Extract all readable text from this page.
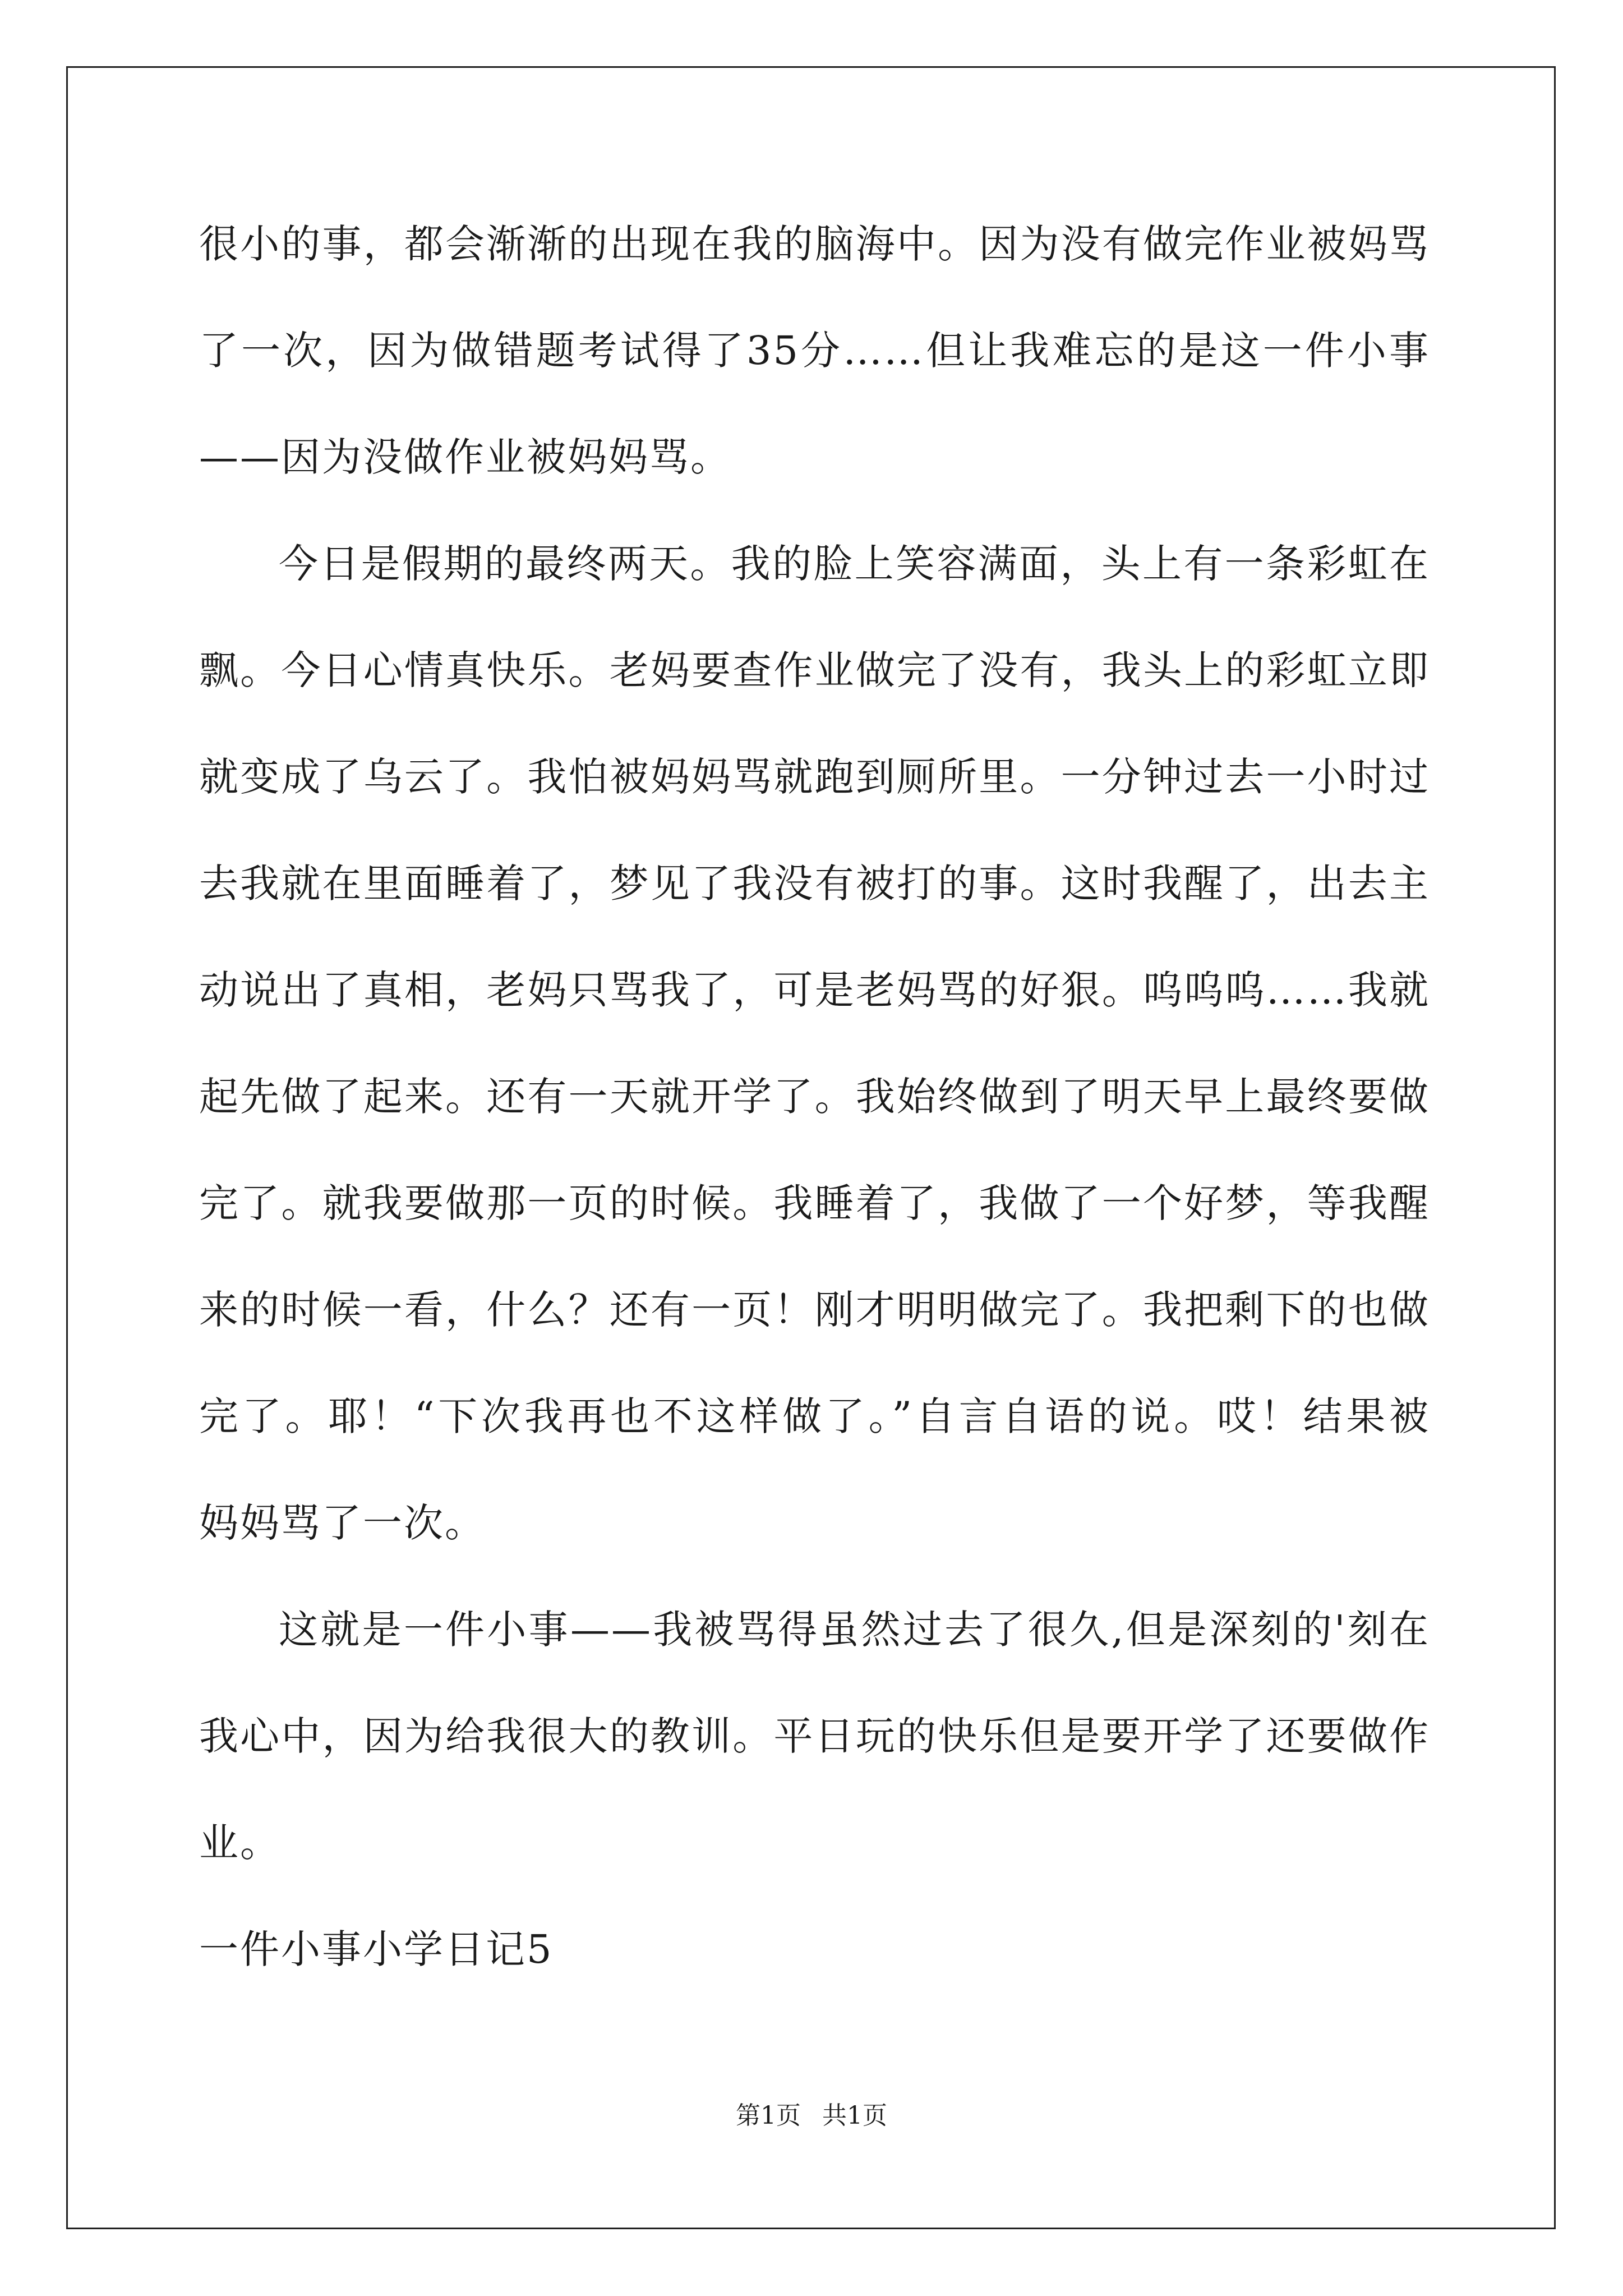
很小的事，都会渐渐的出现在我的脑海中。因为没有做完作业被妈骂
了一次，因为做错题考试得了35分……但让我难忘的是这一件小事
——因为没做作业被妈妈骂。
今日是假期的最终两天。我的脸上笑容满面，头上有一条彩虹在
飘。今日心情真快乐。老妈要查作业做完了没有，我头上的彩虹立即
就变成了乌云了。我怕被妈妈骂就跑到厕所里。一分钟过去一小时过
去我就在里面睡着了，梦见了我没有被打的事。这时我醒了，出去主
动说出了真相，老妈只骂我了，可是老妈骂的好狠。呜呜呜……我就
起先做了起来。还有一天就开学了。我始终做到了明天早上最终要做
完了。就我要做那一页的时候。我睡着了，我做了一个好梦，等我醒
来的时候一看，什么？还有一页！刚才明明做完了。我把剩下的也做
完了。耶！“下次我再也不这样做了。”自言自语的说。哎！结果被
妈妈骂了一次。
这就是一件小事——我被骂得虽然过去了很久,但是深刻的'刻在
我心中，因为给我很大的教训。平日玩的快乐但是要开学了还要做作
业。
一件小事小学日记5
第1页 共1页
